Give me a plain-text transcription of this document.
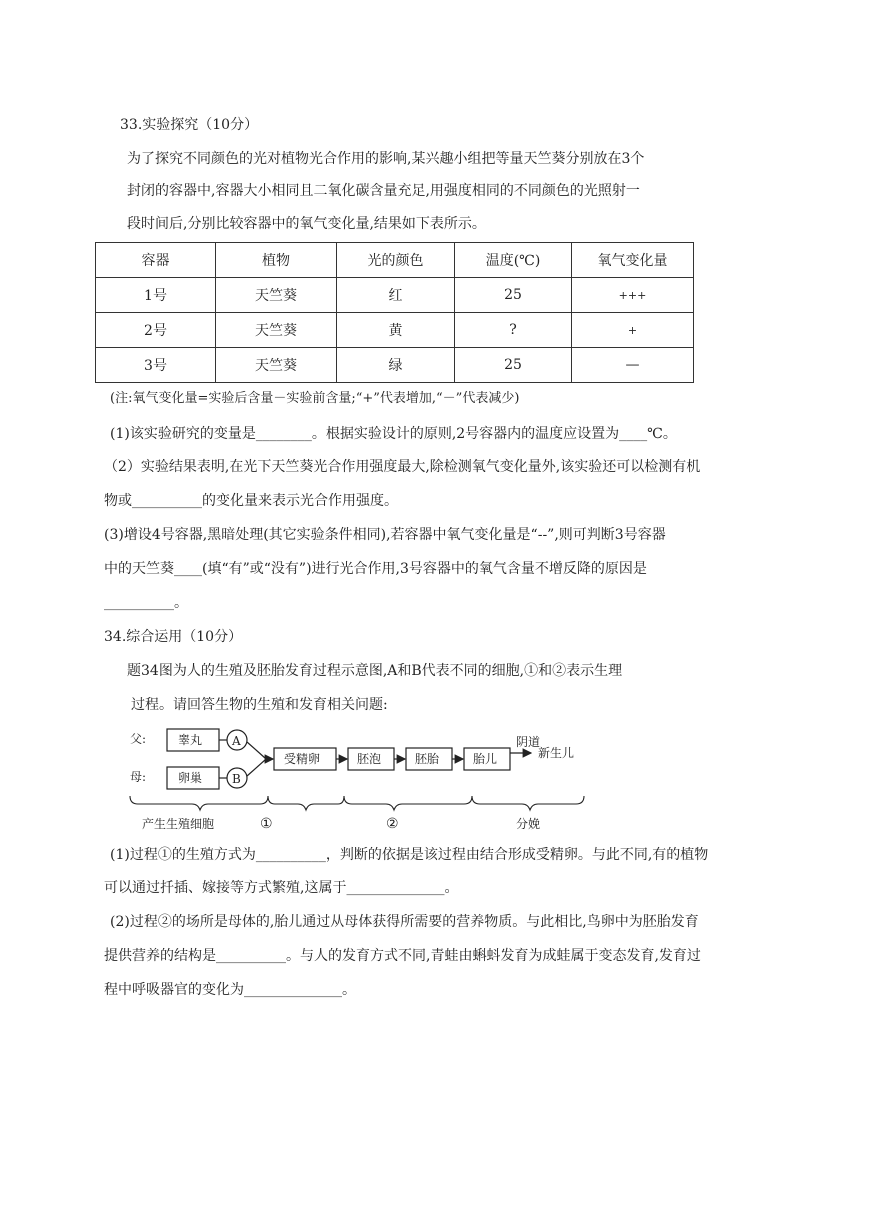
33.实验探究（10分）
为了探究不同颜色的光对植物光合作用的影响,某兴趣小组把等量天竺葵分别放在3个
封闭的容器中,容器大小相同且二氧化碳含量充足,用强度相同的不同颜色的光照射一
段时间后,分别比较容器中的氧气变化量,结果如下表所示。
容器	植物	光的颜色	温度(℃)	氧气变化量
1号	天竺葵	红	25	+++
2号	天竺葵	黄	?	+
3号	天竺葵	绿	25	—
(注:氧气变化量=实验后含量－实验前含量;“+”代表增加,“－”代表减少)
(1)该实验研究的变量是________。根据实验设计的原则,2号容器内的温度应设置为____℃。
（2）实验结果表明,在光下天竺葵光合作用强度最大,除检测氧气变化量外,该实验还可以检测有机
物或__________的变化量来表示光合作用强度。
(3)增设4号容器,黑暗处理(其它实验条件相同),若容器中氧气变化量是“--”,则可判断3号容器
中的天竺葵____(填“有”或“没有”)进行光合作用,3号容器中的氧气含量不增反降的原因是
__________。
34.综合运用（10分）
题34图为人的生殖及胚胎发育过程示意图,A和B代表不同的细胞,①和②表示生理
过程。请回答生物的生殖和发育相关问题:
父:	睾丸 A
母:	卵巢 B
受精卵	胚泡	胚胎	胎儿
阴道
新生儿
产生生殖细胞	①	②	分娩
(1)过程①的生殖方式为__________，判断的依据是该过程由结合形成受精卵。与此不同,有的植物
可以通过扦插、嫁接等方式繁殖,这属于______________。
(2)过程②的场所是母体的,胎儿通过从母体获得所需要的营养物质。与此相比,鸟卵中为胚胎发育
提供营养的结构是__________。与人的发育方式不同,青蛙由蝌蚪发育为成蛙属于变态发育,发育过
程中呼吸器官的变化为______________。
